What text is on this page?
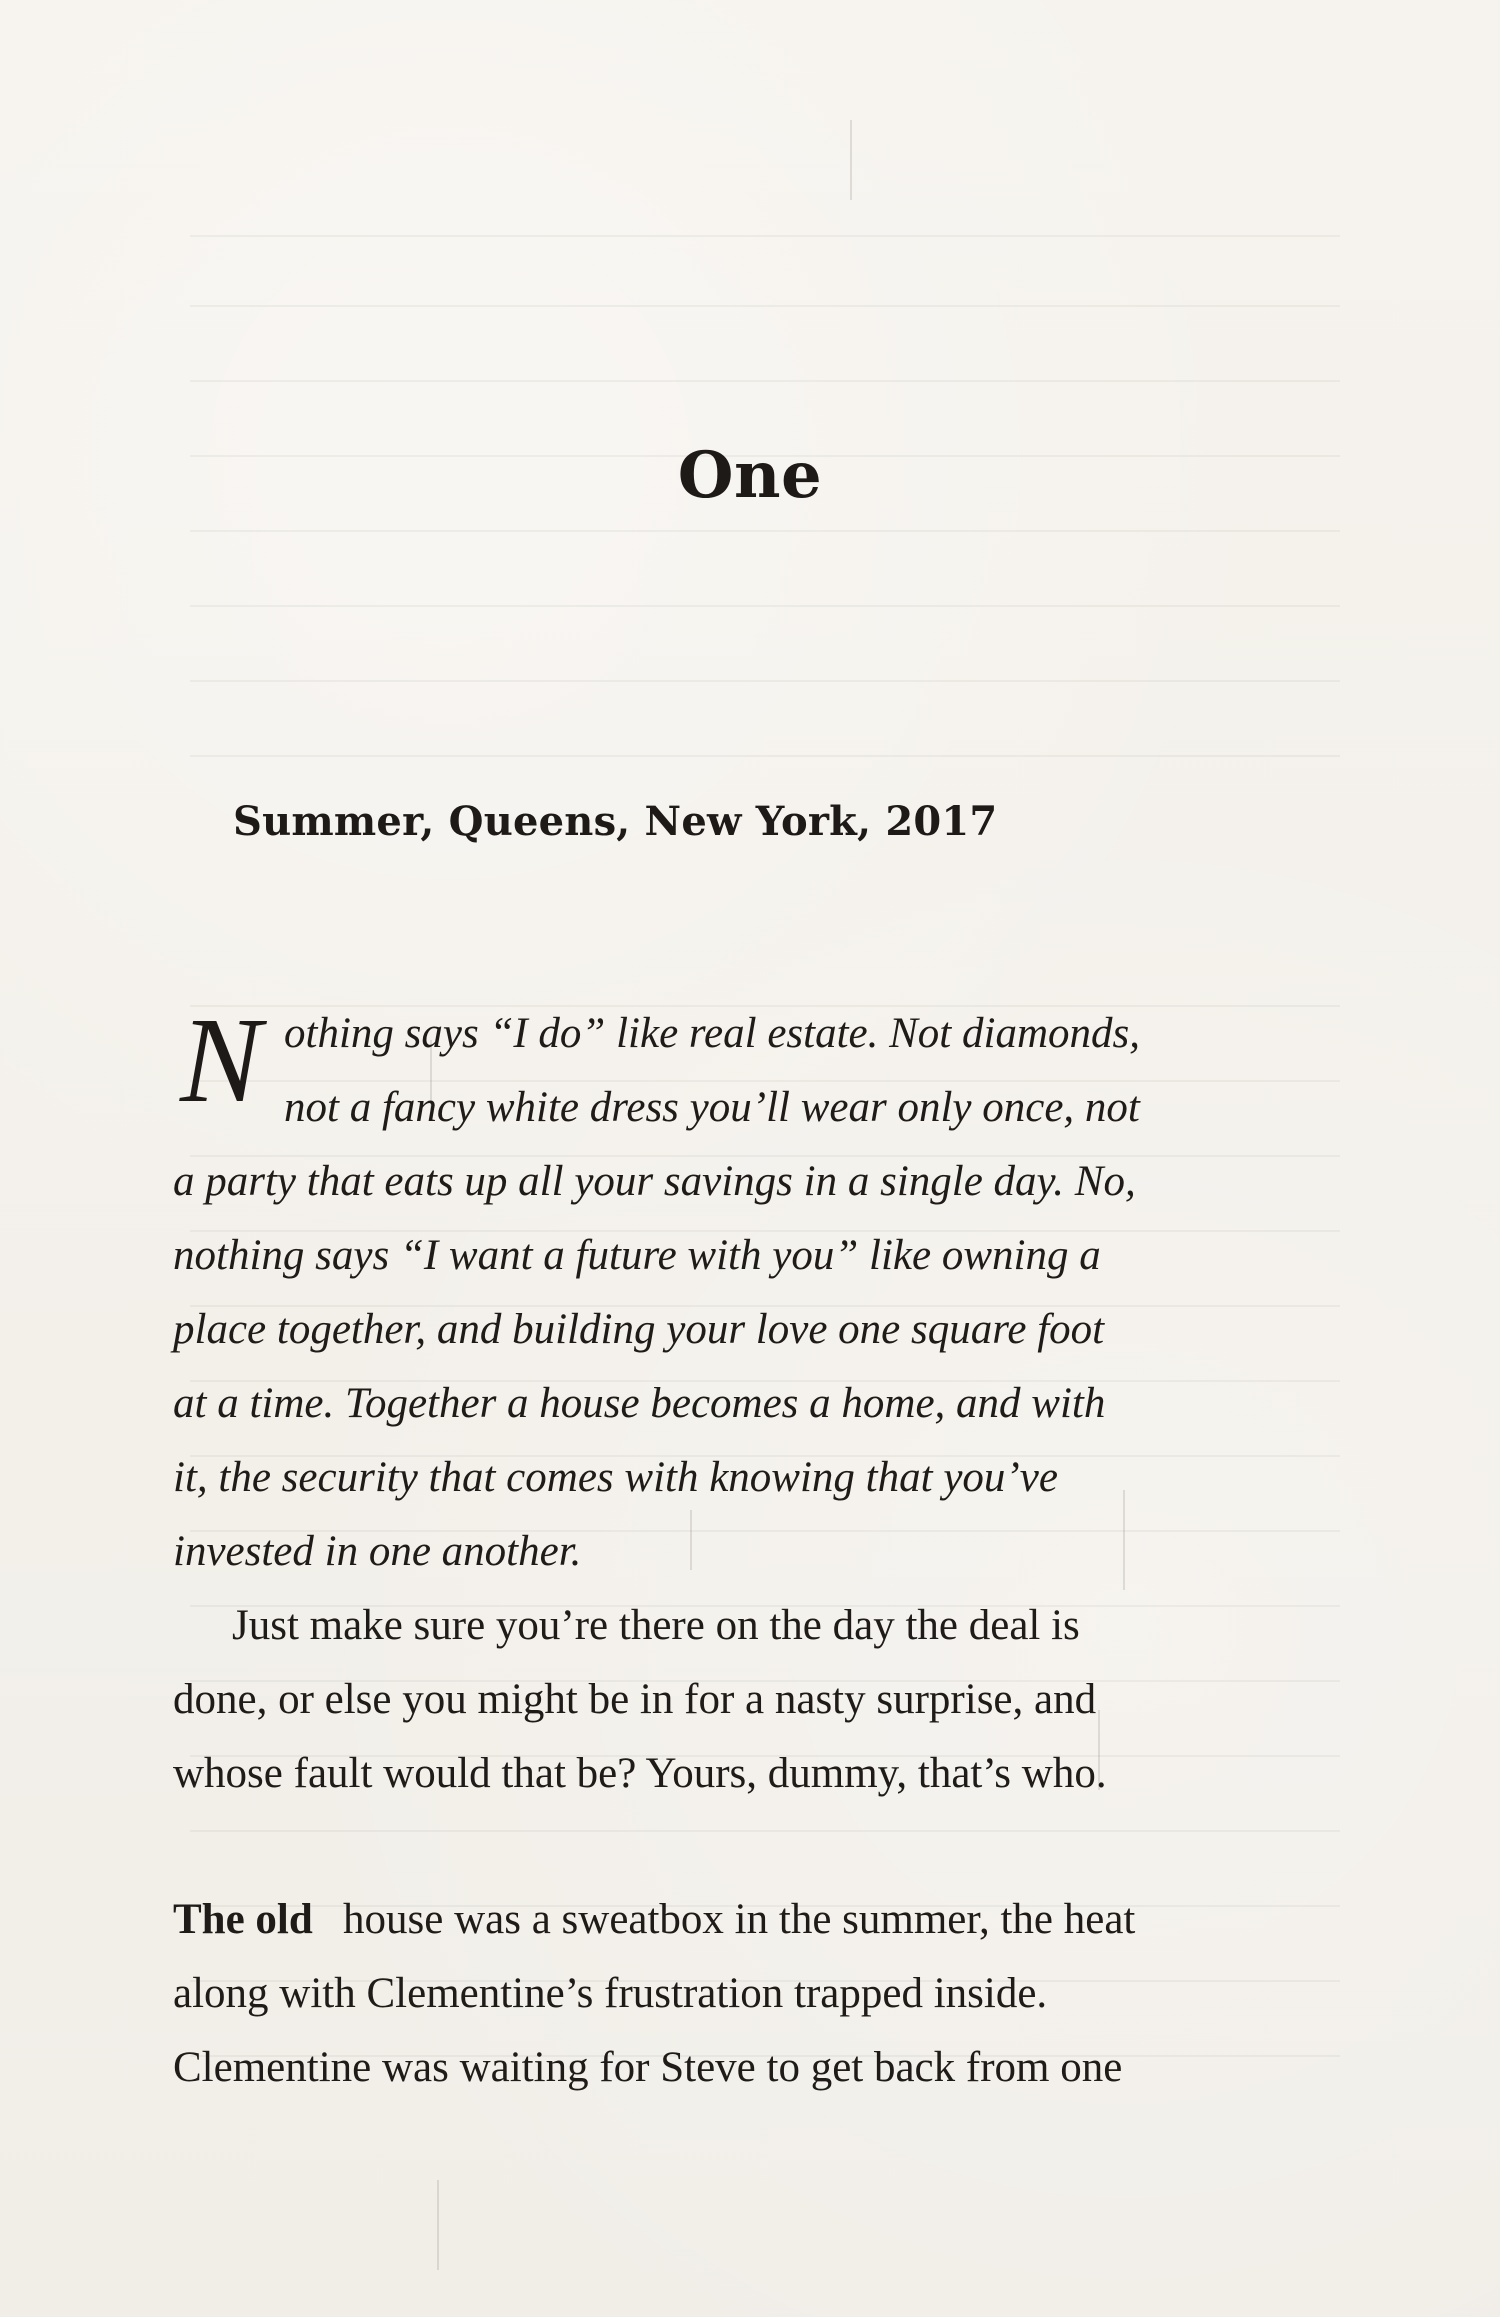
One
Summer, Queens, New York, 2017
N othing says “I do” like real estate. Not diamonds,
not a fancy white dress you’ll wear only once, not
a party that eats up all your savings in a single day. No,
nothing says “I want a future with you” like owning a
place together, and building your love one square foot
at a time. Together a house becomes a home, and with
it, the security that comes with knowing that you’ve
invested in one another.
Just make sure you’re there on the day the deal is
done, or else you might be in for a nasty surprise, and
whose fault would that be? Yours, dummy, that’s who.
The old house was a sweatbox in the summer, the heat
along with Clementine’s frustration trapped inside.
Clementine was waiting for Steve to get back from one
